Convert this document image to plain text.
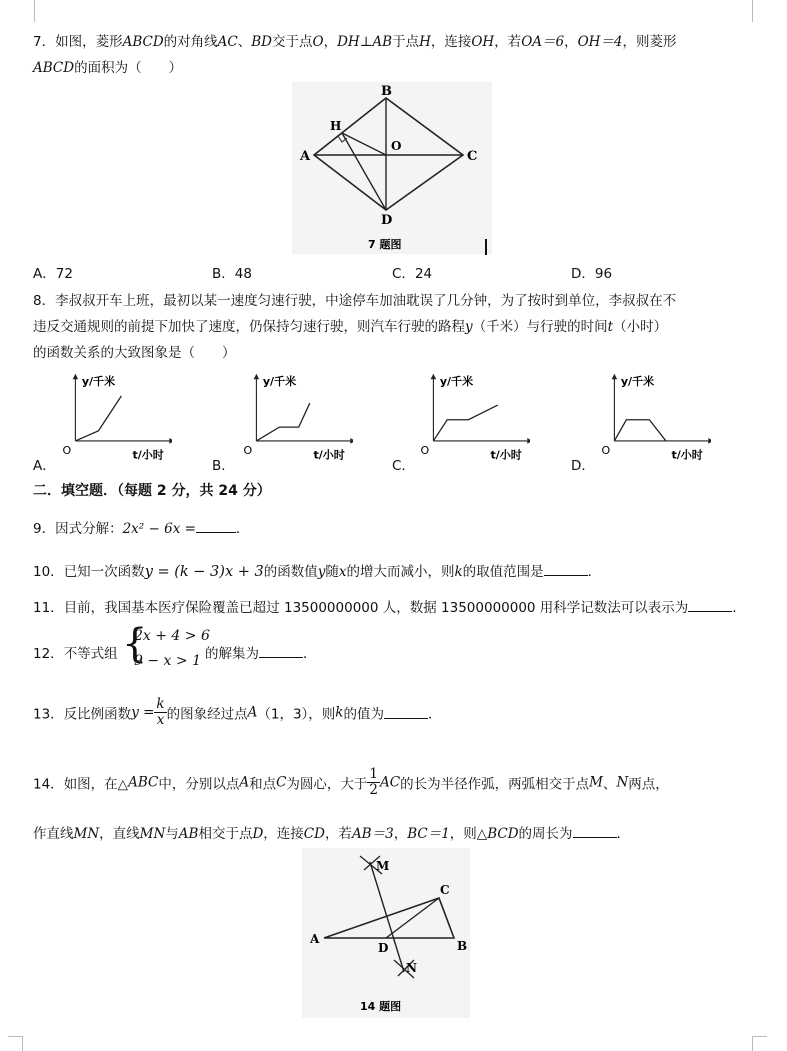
7．如图，菱形ABCD的对角线AC、BD交于点O，DH⊥AB于点H，连接OH，若OA＝6，OH＝4，则菱形
ABCD的面积为（　　）
A
B
C
D
H
O
7 题图
A．72	B．48	C．24	D．96
8．李叔叔开车上班，最初以某一速度匀速行驶，中途停车加油耽误了几分钟，为了按时到单位，李叔叔在不
违反交通规则的前提下加快了速度，仍保持匀速行驶，则汽车行驶的路程y（千米）与行驶的时间t（小时）
的函数关系的大致图象是（　　）
y/千米
O	t/小时
A．
y/千米
O	t/小时
B．
y/千米
O	t/小时
C．
y/千米
O	t/小时
D．
二．填空题．（每题 2 分，共 24 分）
9．因式分解：2x² − 6x =	．
10．已知一次函数y = (k − 3)x + 3的函数值y随x的增大而减小，则k的取值范围是	．
11．目前，我国基本医疗保险覆盖已超过 13500000000 人，数据 13500000000 用科学记数法可以表示为	．
12．不等式组 {
2x + 4 > 6
9 − x > 1 的解集为	．
13．反比例函数$y = \frac{k}{x}$ 的图象经过点A（1，3），则k的值为	．
14．如图，在△ABC中，分别以点A和点C为圆心，大于 $\frac{1}{2}$ AC的长为半径作弧，两弧相交于点M、N两点，
作直线MN，直线MN与AB相交于点D，连接CD，若AB＝3，BC＝1，则△BCD的周长为	．
A	B
C
D
M
N
14 题图
